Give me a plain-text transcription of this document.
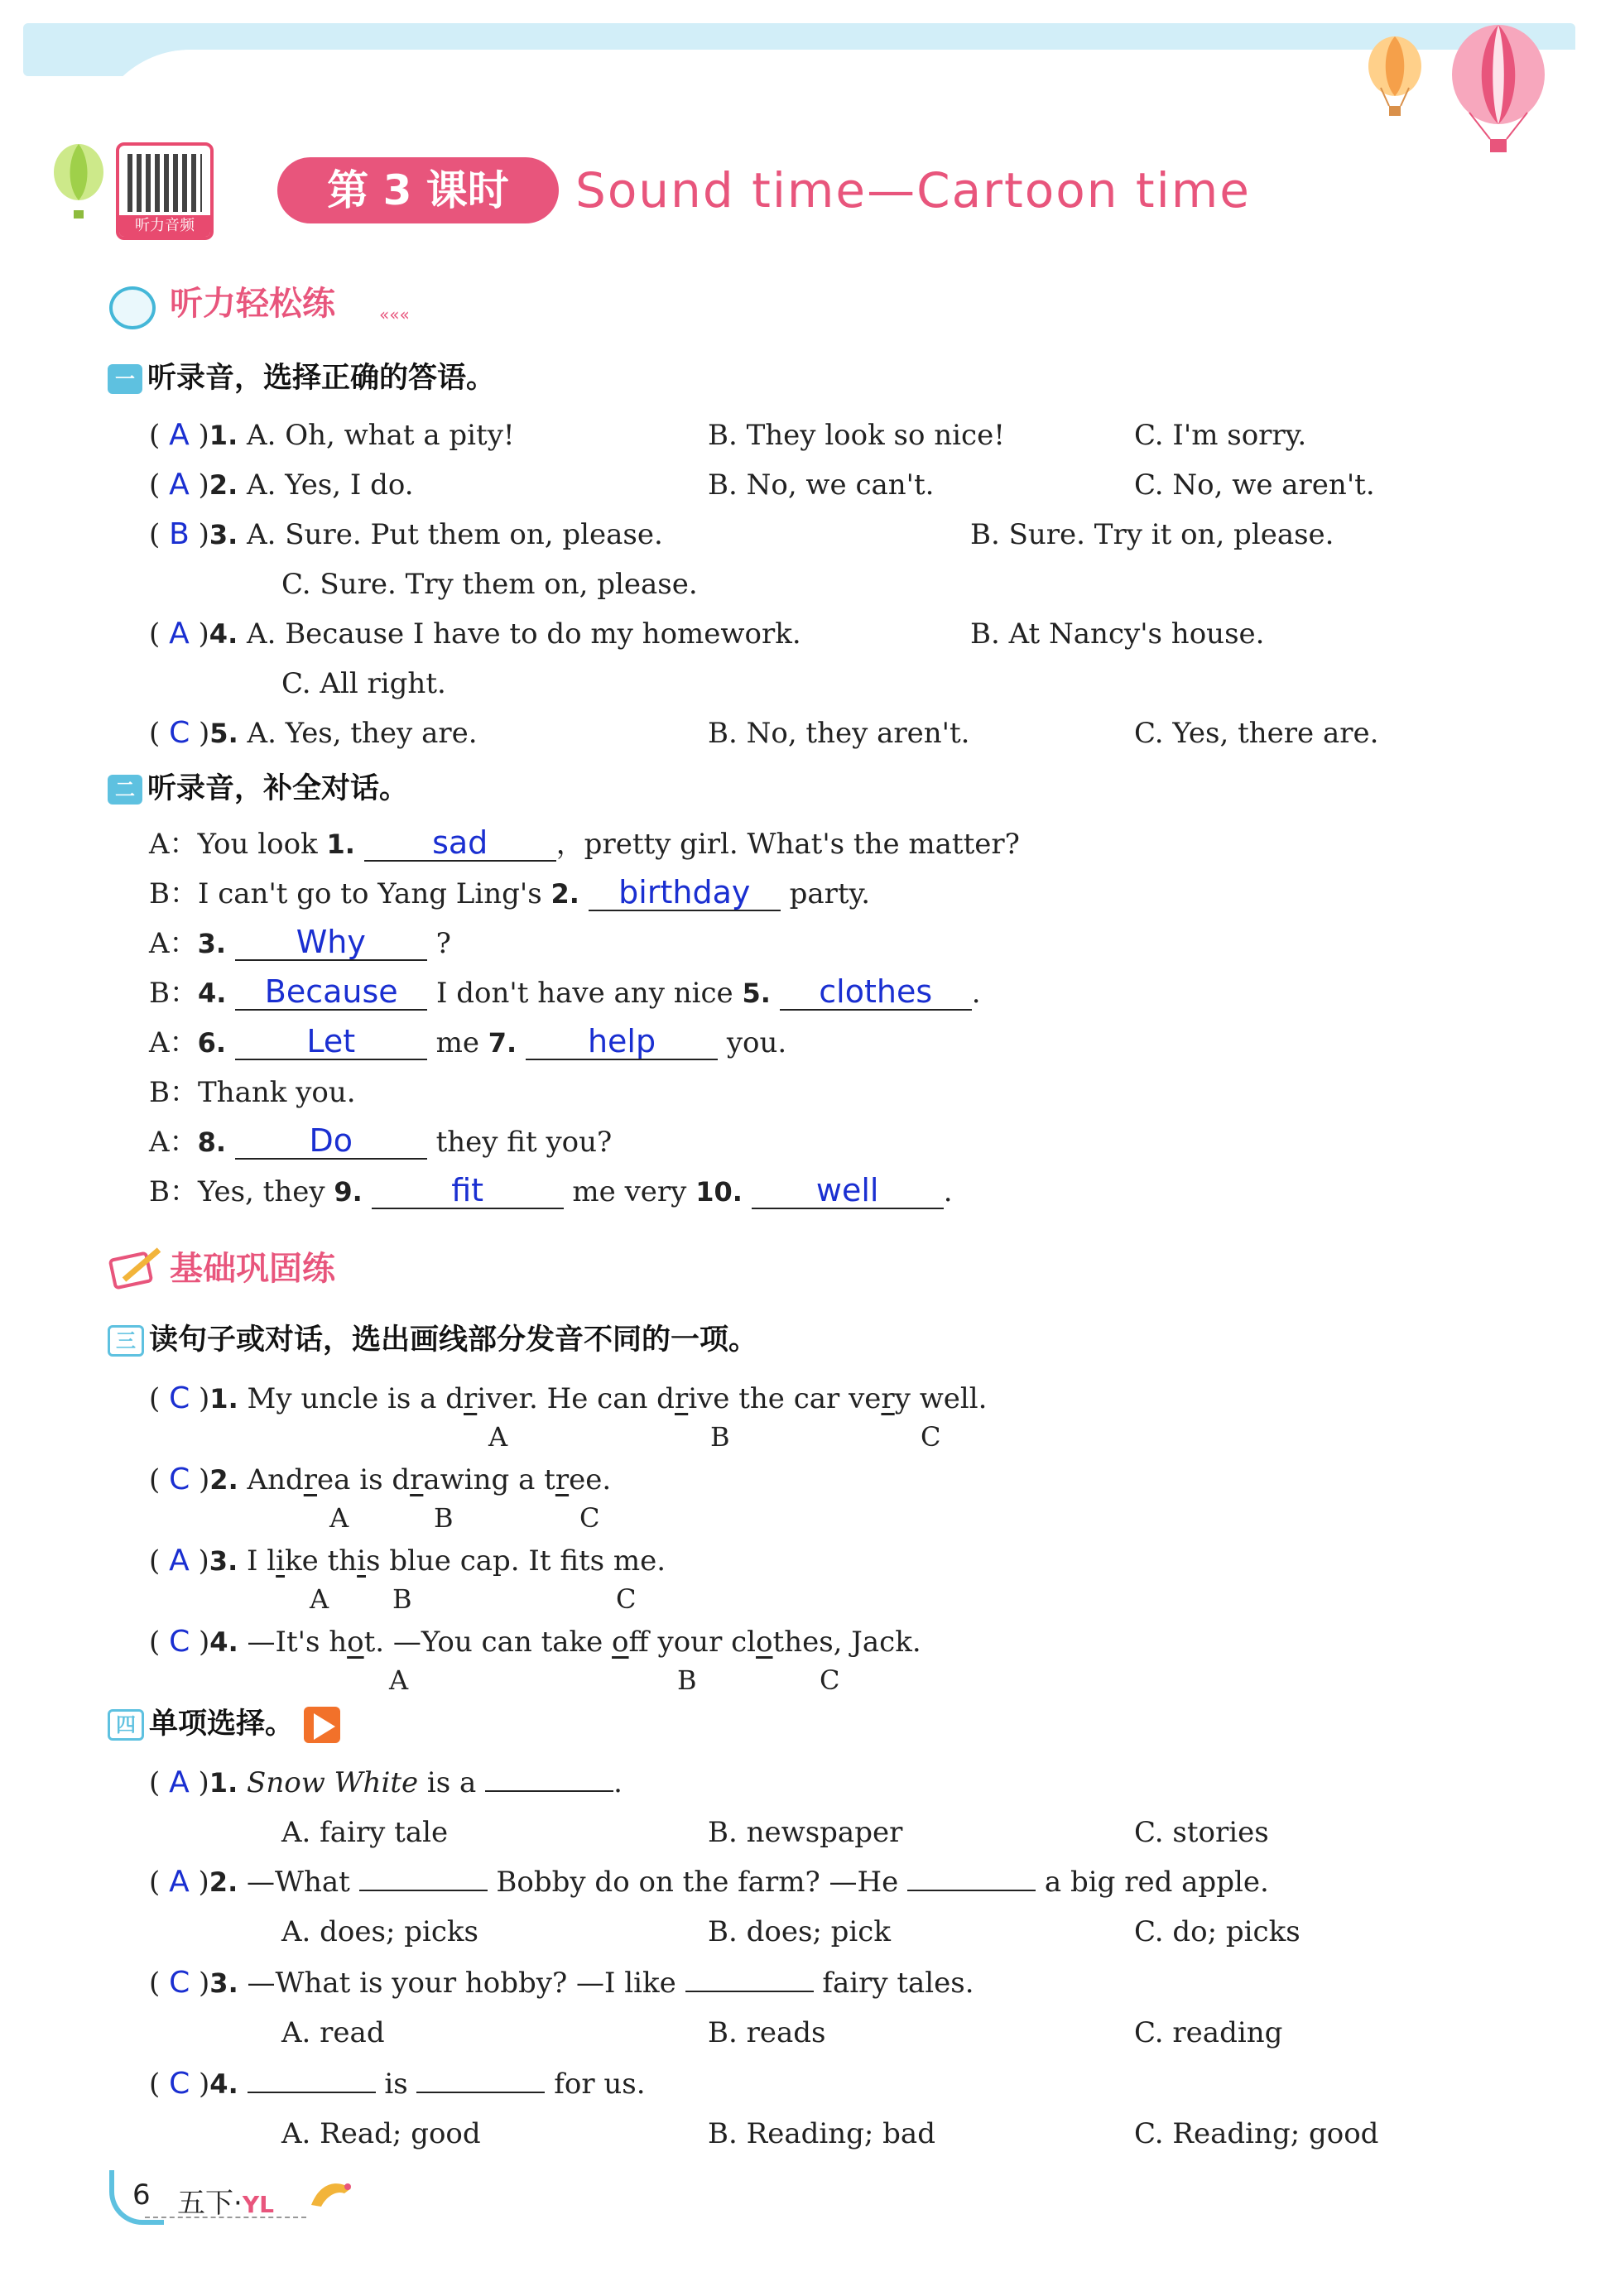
听力音频
第 3 课时	Sound time—Cartoon time
听力轻松练	«««
一 听录音，选择正确的答语。
( A )1. A. Oh, what a pity!	B. They look so nice!	C. I'm sorry.
( A )2. A. Yes, I do.	B. No, we can't.	C. No, we aren't.
( B )3. A. Sure. Put them on, please.	B. Sure. Try it on, please.
C. Sure. Try them on, please.
( A )4. A. Because I have to do my homework.	B. At Nancy's house.
C. All right.
( C )5. A. Yes, they are.	B. No, they aren't.	C. Yes, there are.
二 听录音，补全对话。
A：You look 1. sad ，pretty girl. What's the matter?
B：I can't go to Yang Ling's 2. birthday party.
A：3. Why ?
B：4. Because I don't have any nice 5. clothes .
A：6.	Let	me 7. help	you.
B：Thank you.
A：8.	Do	they fit you?
B：Yes, they 9.	fit	me very 10. well .
基础巩固练
三 读句子或对话，选出画线部分发音不同的一项。
( C )1. My uncle is a driver. He can drive the car very well.
A	B	C
( C )2. Andrea is drawing a tree.
A	B	C
( A )3. I like this blue cap. It fts me.
A B	C
( C )4. —It's hot. —You can take off your clothes, Jack.
A	B	C
四 单项选择。
( A )1. Snow White is a	.
A. fairy tale	B. newspaper	C. stories
( A )2. —What	Bobby do on the farm? —He	a big red apple.
A. does; picks	B. does; pick	C. do; picks
( C )3. —What is your hobby? —I like	fairy tales.
A. read	B. reads	C. reading
( C )4.	is	for us.
A. Read; good	B. Reading; bad	C. Reading; good
6 五下·YL
